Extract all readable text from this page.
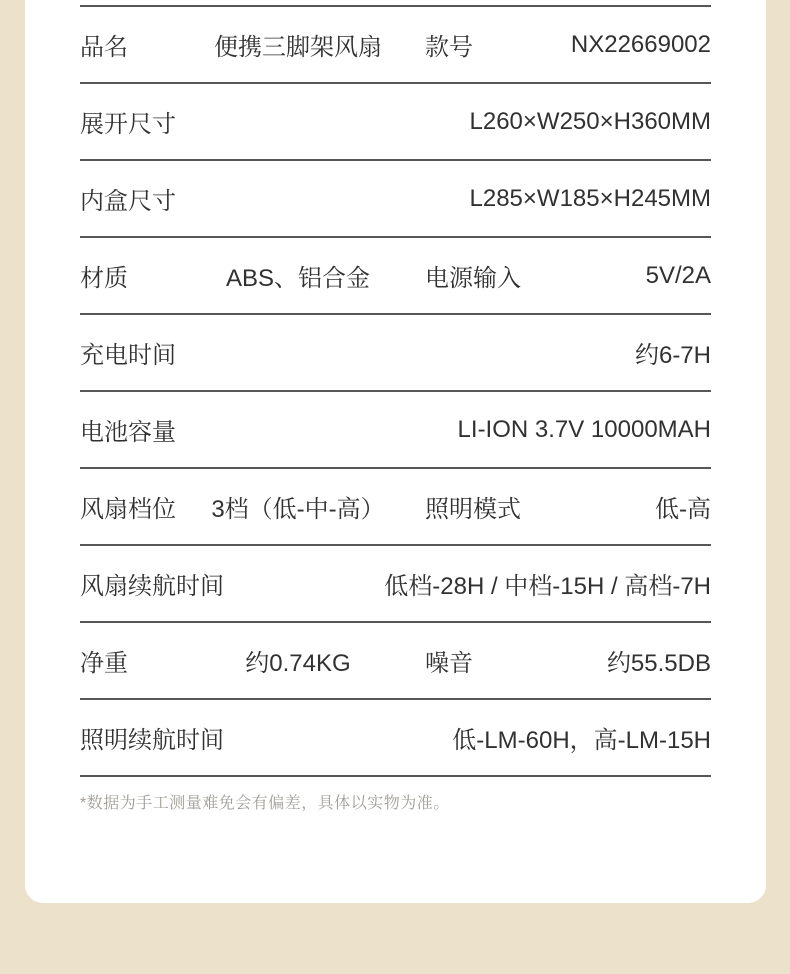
品名	便携三脚架风扇	款号	NX22669002
展开尺寸	L260×W250×H360MM
内盒尺寸	L285×W185×H245MM
材质	ABS、铝合金	电源输入	5V/2A
充电时间	约6-7H
电池容量	LI-ION 3.7V 10000MAH
风扇档位	3档（低-中-高）	照明模式	低-高
风扇续航时间	低档-28H / 中档-15H / 高档-7H
净重	约0.74KG	噪音	约55.5DB
照明续航时间	低-LM-60H，高-LM-15H
*数据为手工测量难免会有偏差，具体以实物为准。
